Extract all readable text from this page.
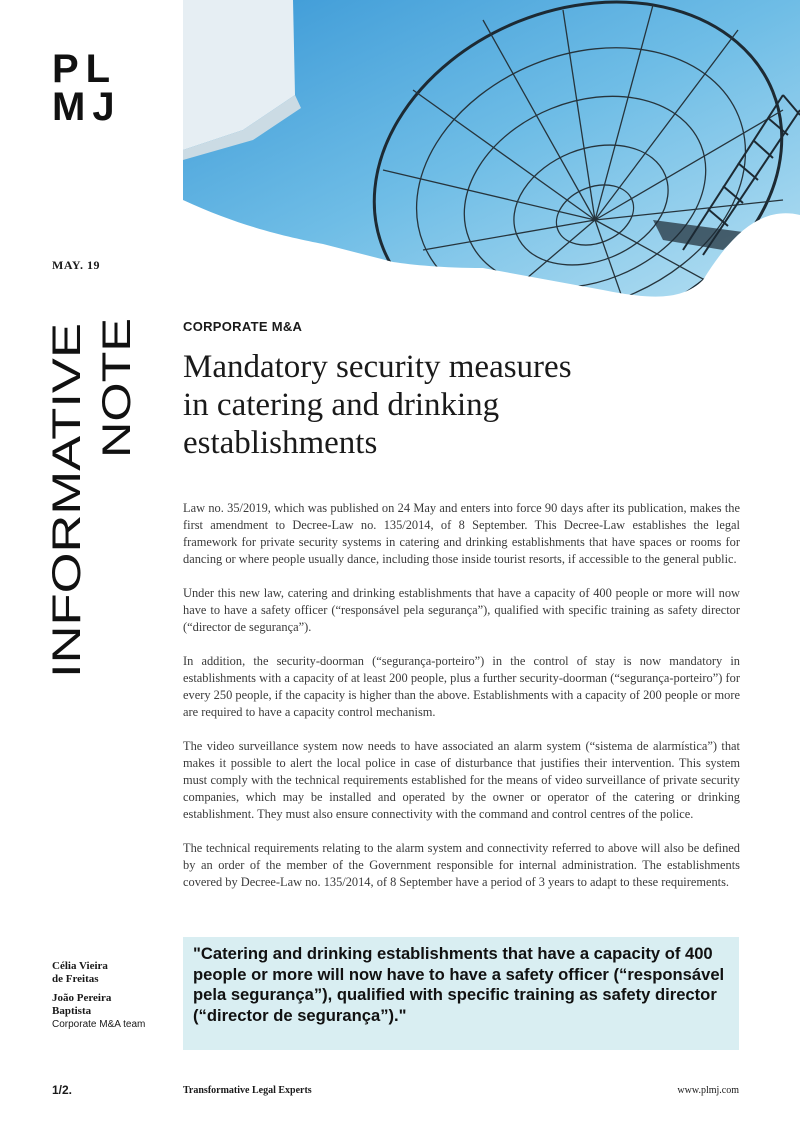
PL
MJ
MAY. 19
INFORMATIVE
NOTE
CORPORATE M&A
Mandatory security measures
in catering and drinking
establishments

Law no. 35/2019, which was published on 24 May and enters into force 90 days after its publication, makes the first amendment to Decree-Law no. 135/2014, of 8 September. This Decree-Law establishes the legal framework for private security systems in catering and drinking establishments that have spaces or rooms for dancing or where people usually dance, including those inside tourist resorts, if accessible to the general public.

Under this new law, catering and drinking establishments that have a capacity of 400 people or more will now have to have a safety officer (“responsável pela segurança”), qualified with specific training as safety director (“director de segurança”).

In addition, the security-doorman (“segurança-porteiro”) in the control of stay is now mandatory in establishments with a capacity of at least 200 people, plus a further security-doorman (“segurança-porteiro”) for every 250 people, if the capacity is higher than the above. Establishments with a capacity of 200 people or more are required to have a capacity control mechanism.

The video surveillance system now needs to have associated an alarm system (“sistema de alarmística”) that makes it possible to alert the local police in case of disturbance that justifies their intervention. This system must comply with the technical requirements established for the means of video surveillance of private security companies, which may be installed and operated by the owner or operator of the catering or drinking establishment. They must also ensure connectivity with the command and control centres of the police.

The technical requirements relating to the alarm system and connectivity referred to above will also be defined by an order of the member of the Government responsible for internal administration. The establishments covered by Decree-Law no. 135/2014, of 8 September have a period of 3 years to adapt to these requirements.

Célia Vieira
de Freitas
João Pereira
Baptista
Corporate M&A team
"Catering and drinking establishments that have a capacity of 400 people or more will now have to have a safety officer (“responsável pela segurança”), qualified with specific training as safety director (“director de segurança”)."
1/2.	Transformative Legal Experts	www.plmj.com
